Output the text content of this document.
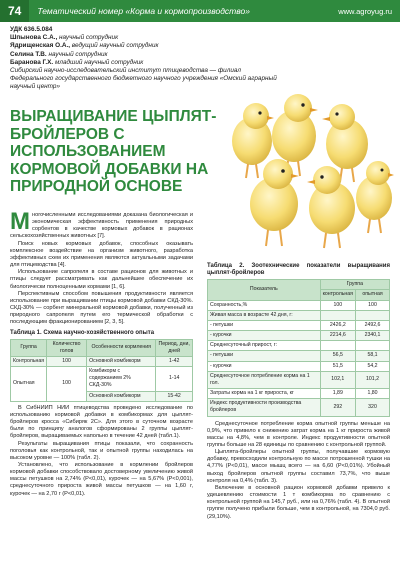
74	Тематический номер «Корма и кормопроизводство»	www.agroyug.ru
УДК 636.5.084
Шпынова С.А., научный сотрудник
Ядрищенская О.А., ведущий научный сотрудник
Селина Т.В. научный сотрудник
Баранова Г.Х. младший научный сотрудник
Сибирский научно-исследовательский институт птицеводства — филиал Федерального государственного бюджетного научного учреждения «Омский аграрный научный центр»
ВЫРАЩИВАНИЕ ЦЫПЛЯТ-БРОЙЛЕРОВ С ИСПОЛЬЗОВАНИЕМ КОРМОВОЙ ДОБАВКИ НА ПРИРОДНОЙ ОСНОВЕ

Многочисленными исследованиями доказана биологическая и экономическая эффективность применения природных сорбентов в качестве кормовых добавок в рационах сельскохозяйственных животных [7].

Поиск новых кормовых добавок, способных оказывать комплексное воздействие на организм животного, разработка эффективных схем их применения являются актуальными задачами для птицеводства [4].

Использование сапропеля в составе рационов для животных и птицы следует рассматривать как дальнейшее обеспечение их биологически полноценными кормами [1, 6].

Перспективным способом повышения продуктивности является использование при выращивании птицы кормовой добавки СКД-30%. СКД-30% — сорбент минеральной кормовой добавки, полученный из природного сапропеля путем его термической обработки с последующим фракционированием [2, 3, 5].

Таблица 1. Схема научно-хозяйственного опыта
Группа	Количество голов	Особенности кормления	Период, дни, дней
Контрольная	100	Основной комбикорм	1-42
Опытная	100	Комбикорм с содержанием 2% СКД-30%	1-14
		Основной комбикорм	15-42

В СибНИИП НИИ птицеводства проведено исследование по использованию кормовой добавки в комбикормах для цыплят-бройлеров кросса «Сибиряк 2С». Для этого в суточном возрасте были по принципу аналогов сформированы 2 группы цыплят-бройлеров, выращиваемых напольно в течение 42 дней (табл.1).

Результаты выращивания птицы показали, что сохранность поголовья как контрольной, так и опытной группы находилась на высоком уровне — 100% (табл. 2).

Установлено, что использование в кормлении бройлеров кормовой добавки способствовало достоверному увеличению живой массы петушков на 2,74% (P<0,01), курочек — на 5,67% (P<0,001), среднесуточного прироста живой массы петушков — на 1,60 г, курочек — на 2,70 г (P<0,01).

Таблица 2. Зоотехнические показатели выращивания цыплят-бройлеров
Показатель	Группа	
	контрольная	опытная
Сохранность,%	100	100
Живая масса в возрасте 42 дня, г:		
- петушки	2426,2	2492,6
- курочки	2214,6	2340,1
Среднесуточный прирост, г:		
- петушки	56,5	58,1
- курочки	51,5	54,2
Среднесуточное потребление корма на 1 гол.	102,1	101,2
Затраты корма на 1 кг прироста, кг	1,89	1,80
Индекс продуктивности производства бройлеров	292	320

Среднесуточное потребление корма опытной группы меньше на 0,9%, что привело к снижению затрат корма на 1 кг прироста живой массы на 4,8%, чем в контроле. Индекс продуктивности опытной группы больше на 28 единицы по сравнению с контрольной группой.

Цыплята-бройлеры опытной группы, получавшие кормовую добавку, превосходили контрольную по массе потрошенной тушки на 4,77% (P<0,01), массе мышц всего — на 6,60 (P<0,01%). Убойный выход бройлеров опытной группы составил 73,7%, что выше контроля на 0,4% (табл. 3).

Включение в основной рацион кормовой добавки привело к удешевлению стоимости 1 т комбикорма по сравнению с контрольной группой на 145,7 руб., или на 0,76% (табл. 4). В опытной группе получено прибыли больше, чем в контрольной, на 7304,0 руб. (29,10%).
